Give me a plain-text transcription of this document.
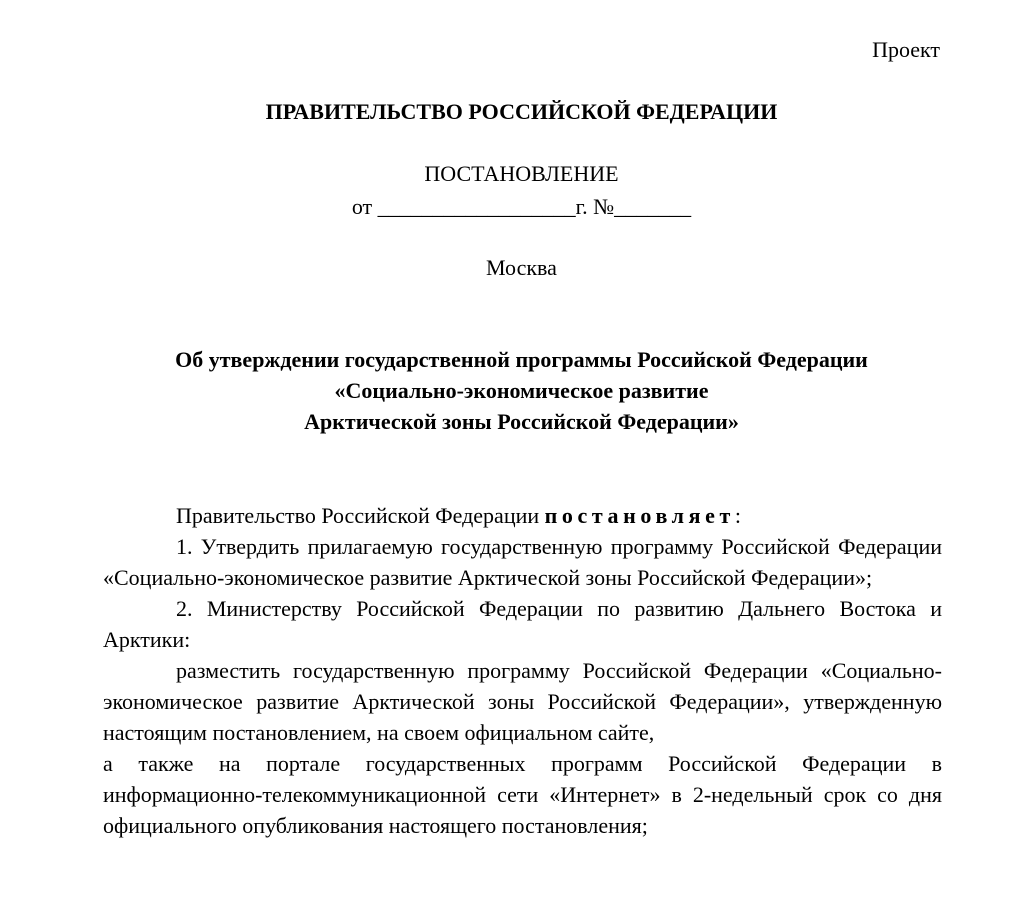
Проект
ПРАВИТЕЛЬСТВО РОССИЙСКОЙ ФЕДЕРАЦИИ
ПОСТАНОВЛЕНИЕ
от __________________г. №_______
Москва
Об утверждении государственной программы Российской Федерации
«Социально-экономическое развитие
Арктической зоны Российской Федерации»

Правительство Российской Федерации постановляет:

1. Утвердить прилагаемую государственную программу Российской Федерации «Социально-экономическое развитие Арктической зоны Российской Федерации»;

2. Министерству Российской Федерации по развитию Дальнего Востока и Арктики:

разместить государственную программу Российской Федерации «Социально-экономическое развитие Арктической зоны Российской Федерации», утвержденную настоящим постановлением, на своем официальном сайте,

а также на портале государственных программ Российской Федерации в информационно-телекоммуникационной сети «Интернет» в 2-недельный срок со дня официального опубликования настоящего постановления;
